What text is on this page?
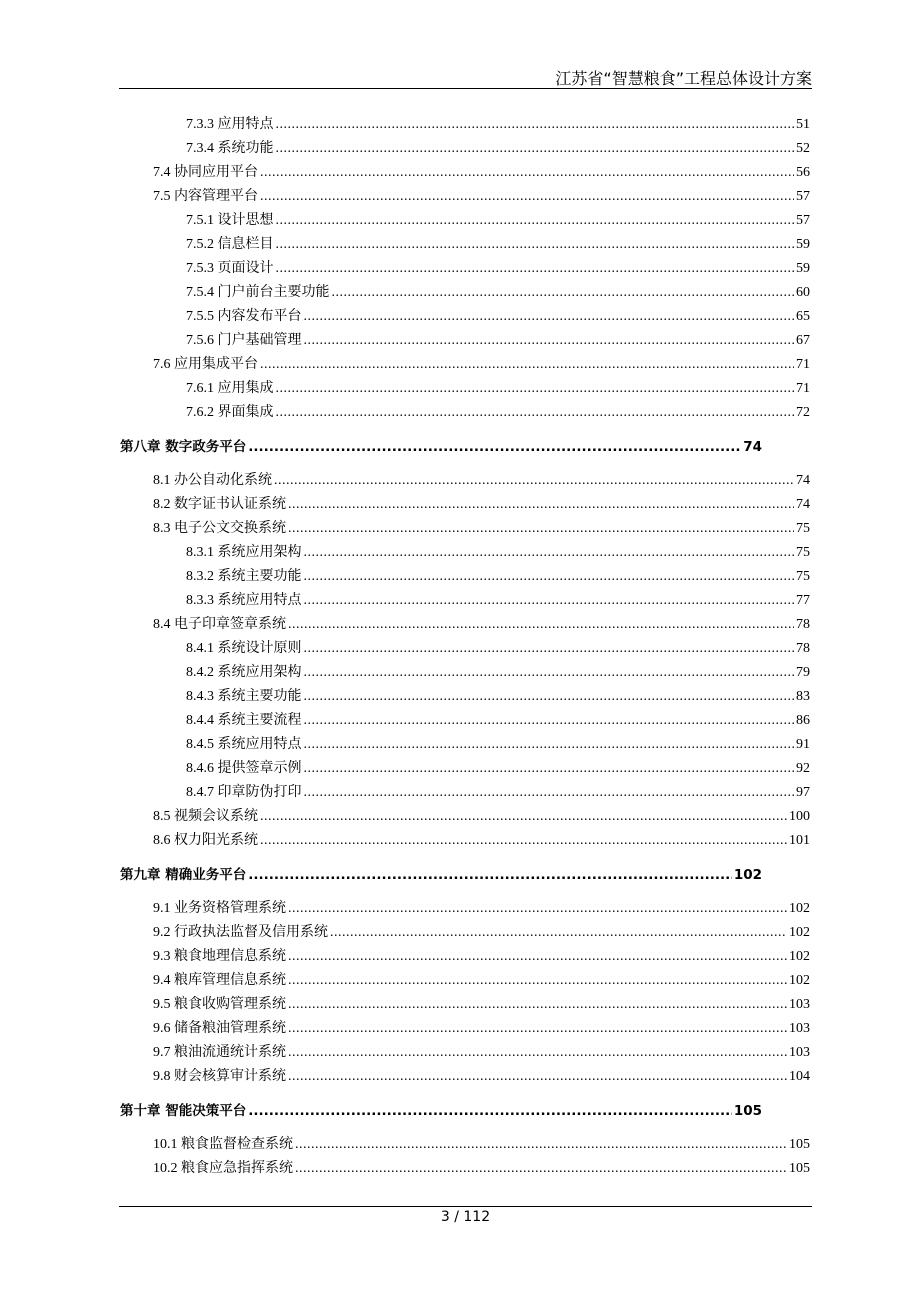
江苏省“智慧粮食”工程总体设计方案
7.3.3 应用特点 .....	51
7.3.4 系统功能 .....	52
7.4 协同应用平台 .....	56
7.5 内容管理平台 .....	57
7.5.1 设计思想 .....	57
7.5.2 信息栏目 .....	59
7.5.3 页面设计 .....	59
7.5.4 门户前台主要功能 .....	60
7.5.5 内容发布平台 .....	65
7.5.6 门户基础管理 .....	67
7.6 应用集成平台 .....	71
7.6.1 应用集成 .....	71
7.6.2 界面集成 .....	72
第八章 数字政务平台 .....	74
8.1 办公自动化系统 .....	74
8.2 数字证书认证系统 .....	74
8.3 电子公文交换系统 .....	75
8.3.1 系统应用架构 .....	75
8.3.2 系统主要功能 .....	75
8.3.3 系统应用特点 .....	77
8.4 电子印章签章系统 .....	78
8.4.1 系统设计原则 .....	78
8.4.2 系统应用架构 .....	79
8.4.3 系统主要功能 .....	83
8.4.4 系统主要流程 .....	86
8.4.5 系统应用特点 .....	91
8.4.6 提供签章示例 .....	92
8.4.7 印章防伪打印 .....	97
8.5 视频会议系统 .....	100
8.6 权力阳光系统 .....	101
第九章 精确业务平台 .....	102
9.1 业务资格管理系统 .....	102
9.2 行政执法监督及信用系统 .....	102
9.3 粮食地理信息系统 .....	102
9.4 粮库管理信息系统 .....	102
9.5 粮食收购管理系统 .....	103
9.6 储备粮油管理系统 .....	103
9.7 粮油流通统计系统 .....	103
9.8 财会核算审计系统 .....	104
第十章 智能决策平台 .....	105
10.1 粮食监督检查系统 .....	105
10.2 粮食应急指挥系统 .....	105
3 / 112
